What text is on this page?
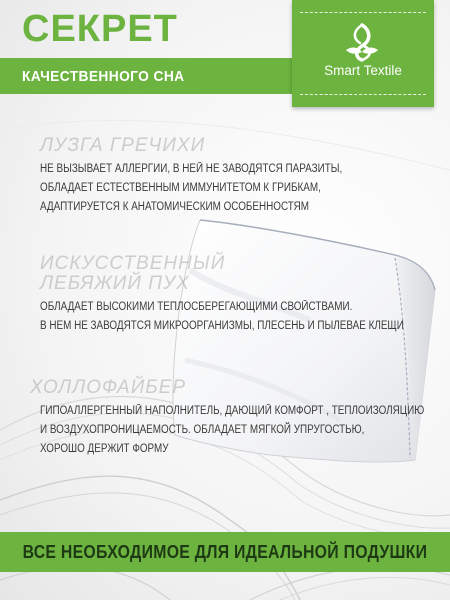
СЕКРЕТ
КАЧЕСТВЕННОГО СНА	Smart Textile
ЛУЗГА ГРЕЧИХИ
НЕ ВЫЗЫВАЕТ АЛЛЕРГИИ, В НЕЙ НЕ ЗАВОДЯТСЯ ПАРАЗИТЫ,
ОБЛАДАЕТ ЕСТЕСТВЕННЫМ ИММУНИТЕТОМ К ГРИБКАМ,
АДАПТИРУЕТСЯ К АНАТОМИЧЕСКИМ ОСОБЕННОСТЯМ
ИСКУССТВЕННЫЙ
ЛЕБЯЖИЙ ПУХ
ОБЛАДАЕТ ВЫСОКИМИ ТЕПЛОСБЕРЕГАЮЩИМИ СВОЙСТВАМИ.
В НЕМ НЕ ЗАВОДЯТСЯ МИКРООРГАНИЗМЫ, ПЛЕСЕНЬ И ПЫЛЕВАЕ КЛЕЩИ
ХОЛЛОФАЙБЕР
ГИПОАЛЛЕРГЕННЫЙ НАПОЛНИТЕЛЬ, ДАЮЩИЙ КОМФОРТ , ТЕПЛОИЗОЛЯЦИЮ
И ВОЗДУХОПРОНИЦАЕМОСТЬ. ОБЛАДАЕТ МЯГКОЙ УПРУГОСТЬЮ,
ХОРОШО ДЕРЖИТ ФОРМУ
ВСЕ НЕОБХОДИМОЕ ДЛЯ ИДЕАЛЬНОЙ ПОДУШКИ
